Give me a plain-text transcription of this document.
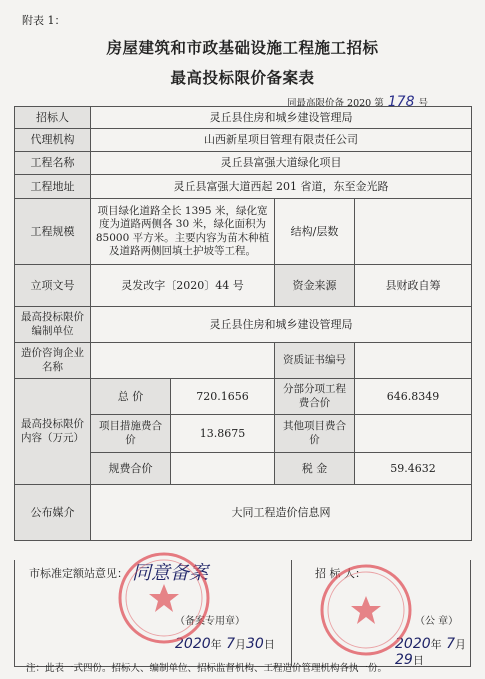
附表 1：
房屋建筑和市政基础设施工程施工招标
最高投标限价备案表
同最高限价备 2020 第 178 号
招标人	灵丘县住房和城乡建设管理局			
代理机构	山西新星项目管理有限责任公司			
工程名称	灵丘县富强大道绿化项目			
工程地址	灵丘县富强大道西起 201 省道，东至金光路			
工程规模	项目绿化道路全长 1395 米，绿化宽度为道路两侧各 30 米，绿化面积为 85000 平方米。主要内容为苗木种植及道路两侧回填土护坡等工程。		结构/层数	
立项文号	灵发改字〔2020〕44 号		资金来源	县财政自筹
最高投标限价编制单位	灵丘县住房和城乡建设管理局			
造价咨询企业名称			资质证书编号	
最高投标限价内容（万元）	总 价	720.1656	分部分项工程费合价	646.8349
	项目措施费合 价	13.8675	其他项目费合 价	
	规费合价		税 金	59.4632
公布媒介	大同工程造价信息网			
市标准定额站意见： 同意备案	招 标 人：
（备案专用章）	（公 章）
2020年 7月30日	2020年 7月29日
注：此表一式四份。招标人、编制单位、招标监督机构、工程造价管理机构各执一份。
